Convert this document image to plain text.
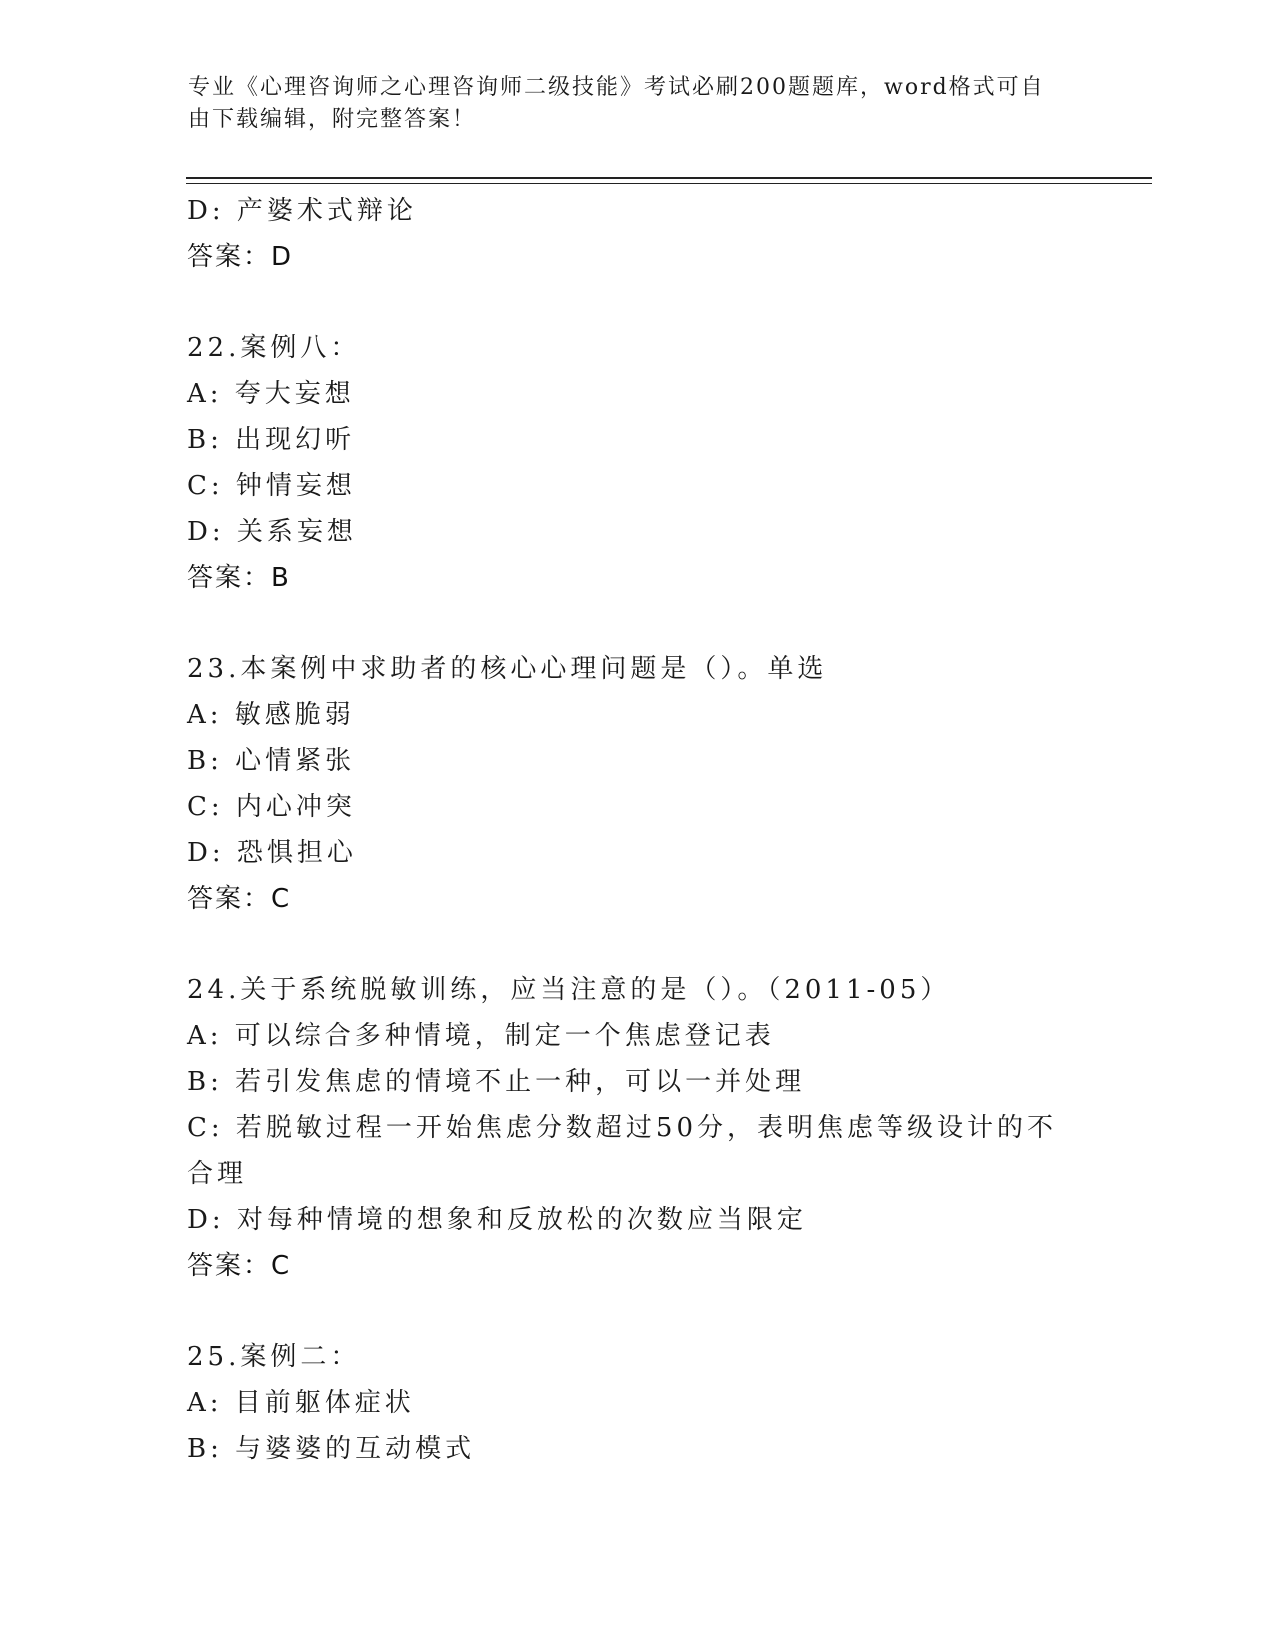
专业《心理咨询师之心理咨询师二级技能》考试必刷200题题库，word格式可自由下载编辑，附完整答案！
D: 产婆术式辩论
答案：D
22.案例八：
A: 夸大妄想
B: 出现幻听
C: 钟情妄想
D: 关系妄想
答案：B
23.本案例中求助者的核心心理问题是（）。单选
A: 敏感脆弱
B: 心情紧张
C: 内心冲突
D: 恐惧担心
答案：C
24.关于系统脱敏训练，应当注意的是（）。（2011-05）
A: 可以综合多种情境，制定一个焦虑登记表
B: 若引发焦虑的情境不止一种，可以一并处理
C: 若脱敏过程一开始焦虑分数超过50分，表明焦虑等级设计的不合理
D: 对每种情境的想象和反放松的次数应当限定
答案：C
25.案例二：
A: 目前躯体症状
B: 与婆婆的互动模式
